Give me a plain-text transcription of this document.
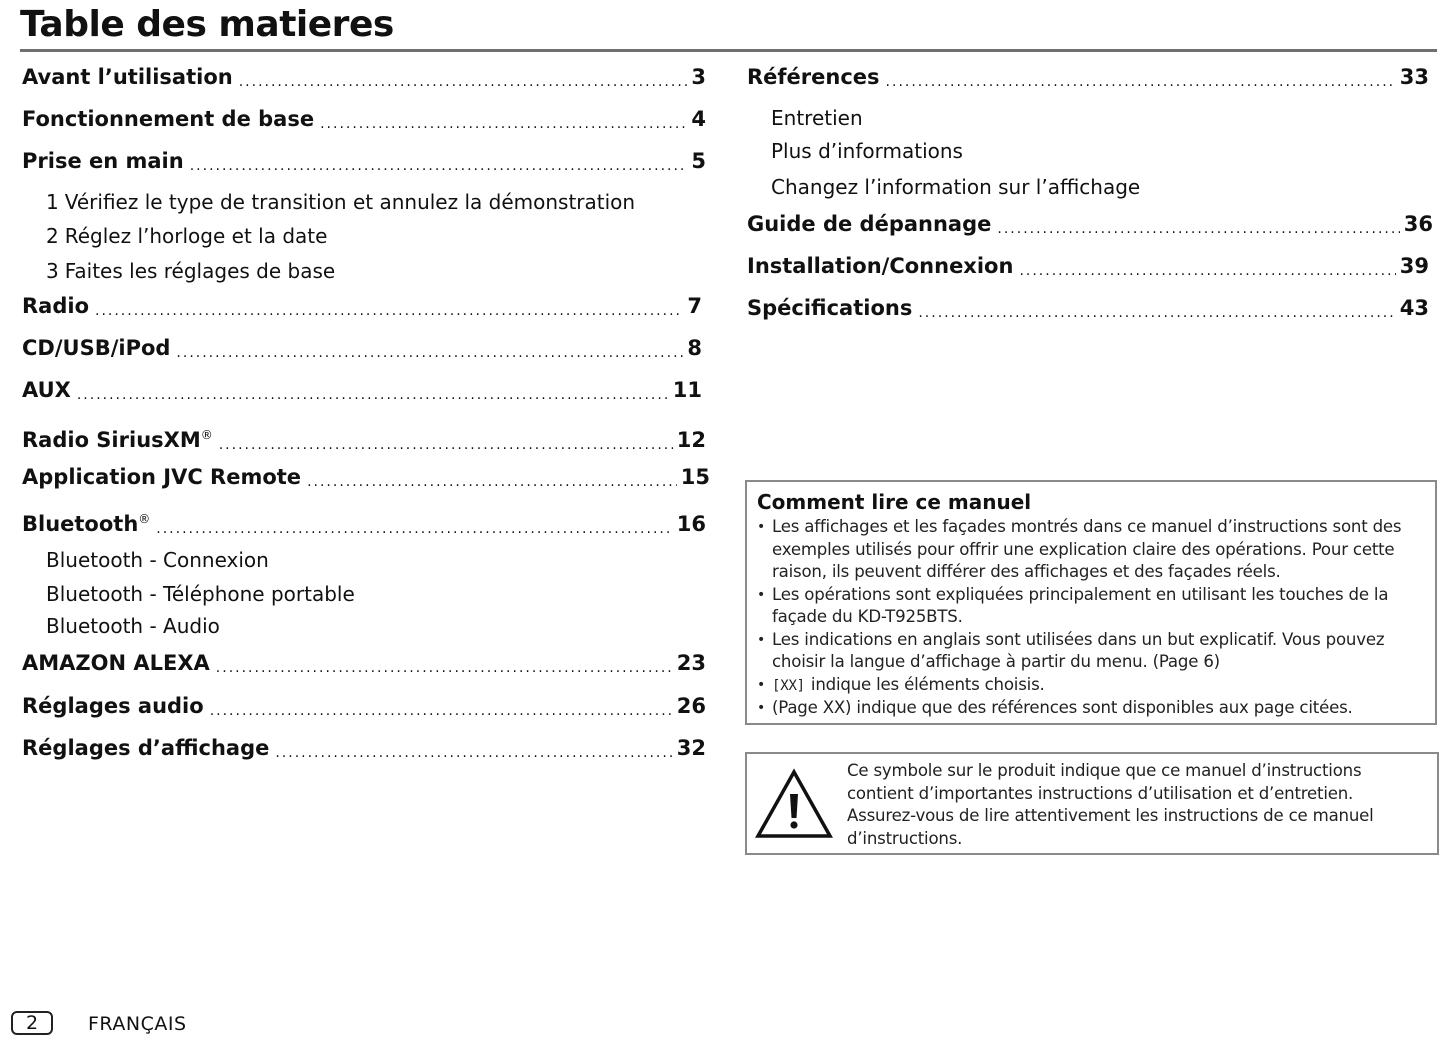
Table des matieres
Avant l’utilisation .....	3
Fonctionnement de base .....	4
Prise en main .....	5
1 Vérifiez le type de transition et annulez la démonstration
2 Réglez l’horloge et la date
3 Faites les réglages de base
Radio .....	7
CD/USB/iPod .....	8
AUX .....	11
Radio SiriusXM® .....	12
Application JVC Remote .....	15
Bluetooth® .....	16
Bluetooth - Connexion
Bluetooth - Téléphone portable
Bluetooth - Audio
AMAZON ALEXA .....	23
Réglages audio .....	26
Réglages d’affichage .....	32
Références .....	33
Entretien
Plus d’informations
Changez l’information sur l’affichage
Guide de dépannage .....	36
Installation/Connexion .....	39
Spécifications .....	43
Comment lire ce manuel
• Les affichages et les façades montrés dans ce manuel d’instructions sont des exemples utilisés pour offrir une explication claire des opérations. Pour cette raison, ils peuvent différer des affichages et des façades réels.
• Les opérations sont expliquées principalement en utilisant les touches de la façade du KD-T925BTS.
• Les indications en anglais sont utilisées dans un but explicatif. Vous pouvez choisir la langue d’affichage à partir du menu. (Page 6)
• [XX] indique les éléments choisis.
• (Page XX) indique que des références sont disponibles aux page citées.
Ce symbole sur le produit indique que ce manuel d’instructions contient d’importantes instructions d’utilisation et d’entretien. Assurez-vous de lire attentivement les instructions de ce manuel d’instructions.
2	FRANÇAIS
